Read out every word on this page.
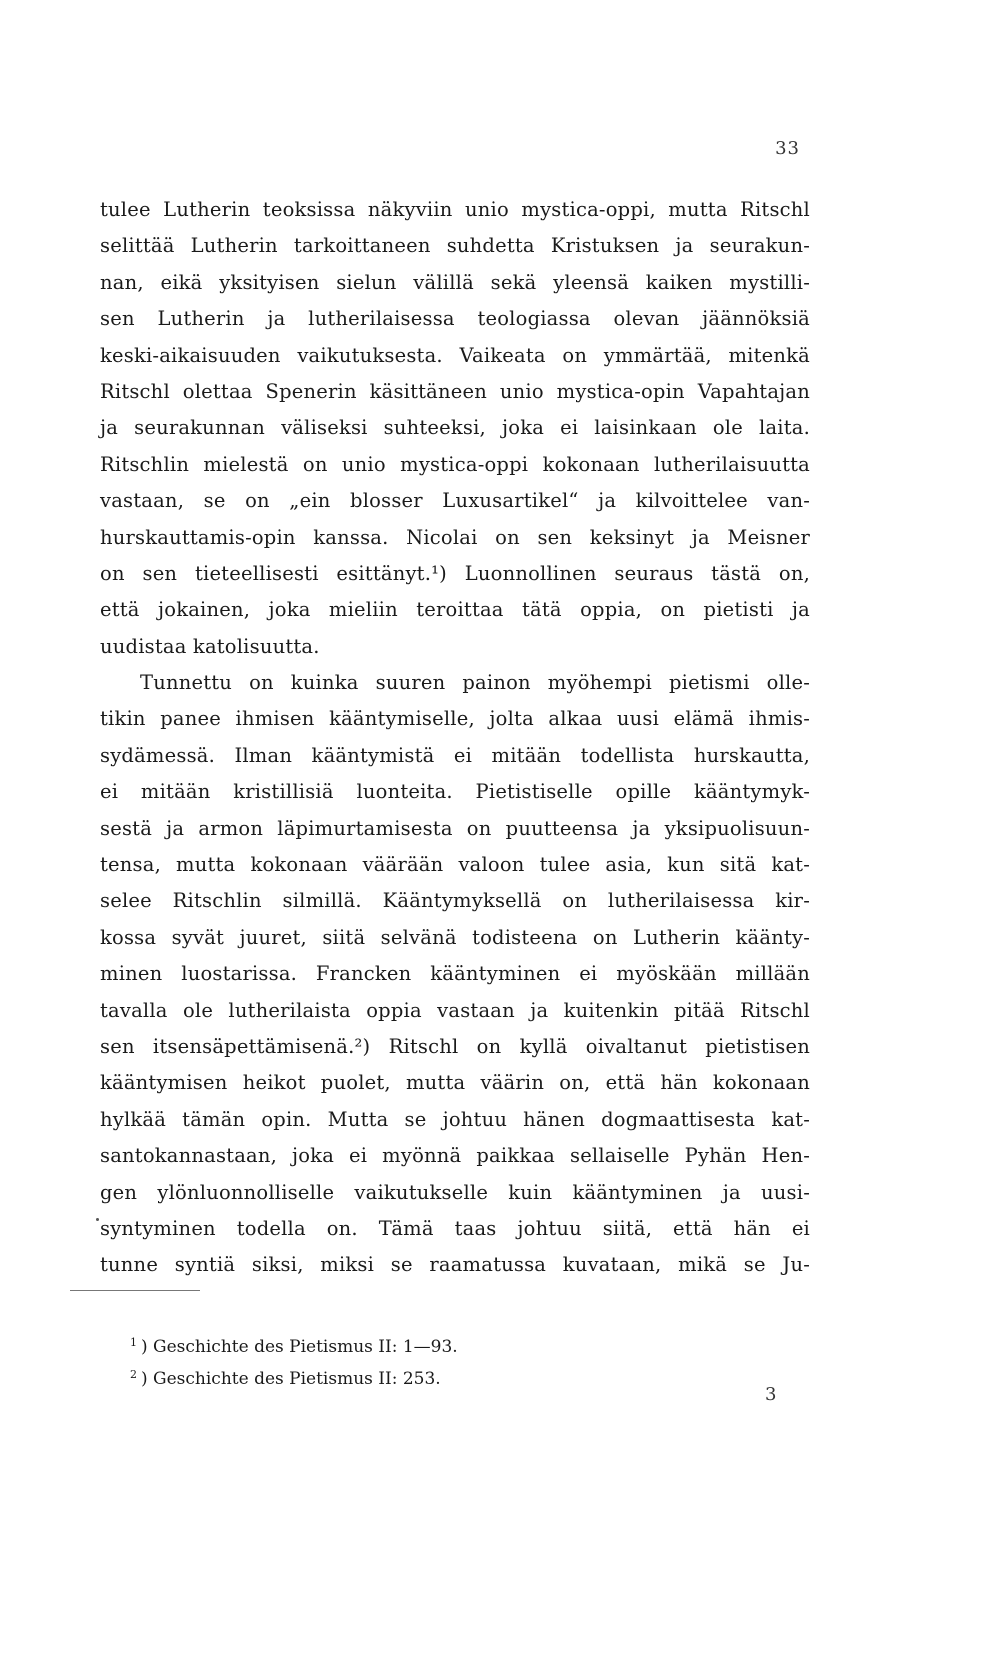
33
tulee Lutherin teoksissa näkyviin unio mystica-oppi, mutta Ritschl
selittää Lutherin tarkoittaneen suhdetta Kristuksen ja seurakun-
nan, eikä yksityisen sielun välillä sekä yleensä kaiken mystilli-
sen Lutherin ja lutherilaisessa teologiassa olevan jäännöksiä
keski-aikaisuuden vaikutuksesta. Vaikeata on ymmärtää, mitenkä
Ritschl olettaa Spenerin käsittäneen unio mystica-opin Vapahtajan
ja seurakunnan väliseksi suhteeksi, joka ei laisinkaan ole laita.
Ritschlin mielestä on unio mystica-oppi kokonaan lutherilaisuutta
vastaan, se on „ein blosser Luxusartikel“ ja kilvoittelee van-
hurskauttamis-opin kanssa. Nicolai on sen keksinyt ja Meisner
on sen tieteellisesti esittänyt.¹) Luonnollinen seuraus tästä on,
että jokainen, joka mieliin teroittaa tätä oppia, on pietisti ja
uudistaa katolisuutta.
Tunnettu on kuinka suuren painon myöhempi pietismi olle-
tikin panee ihmisen kääntymiselle, jolta alkaa uusi elämä ihmis-
sydämessä. Ilman kääntymistä ei mitään todellista hurskautta,
ei mitään kristillisiä luonteita. Pietistiselle opille kääntymyk-
sestä ja armon läpimurtamisesta on puutteensa ja yksipuolisuun-
tensa, mutta kokonaan väärään valoon tulee asia, kun sitä kat-
selee Ritschlin silmillä. Kääntymyksellä on lutherilaisessa kir-
kossa syvät juuret, siitä selvänä todisteena on Lutherin käänty-
minen luostarissa. Francken kääntyminen ei myöskään millään
tavalla ole lutherilaista oppia vastaan ja kuitenkin pitää Ritschl
sen itsensäpettämisenä.²) Ritschl on kyllä oivaltanut pietistisen
kääntymisen heikot puolet, mutta väärin on, että hän kokonaan
hylkää tämän opin. Mutta se johtuu hänen dogmaattisesta kat-
santokannastaan, joka ei myönnä paikkaa sellaiselle Pyhän Hen-
gen ylönluonnolliselle vaikutukselle kuin kääntyminen ja uusi-
syntyminen todella on. Tämä taas johtuu siitä, että hän ei
tunne syntiä siksi, miksi se raamatussa kuvataan, mikä se Ju-
$^1$ ) Geschichte des Pietismus II: 1—93.
$^2$ ) Geschichte des Pietismus II: 253.
3
